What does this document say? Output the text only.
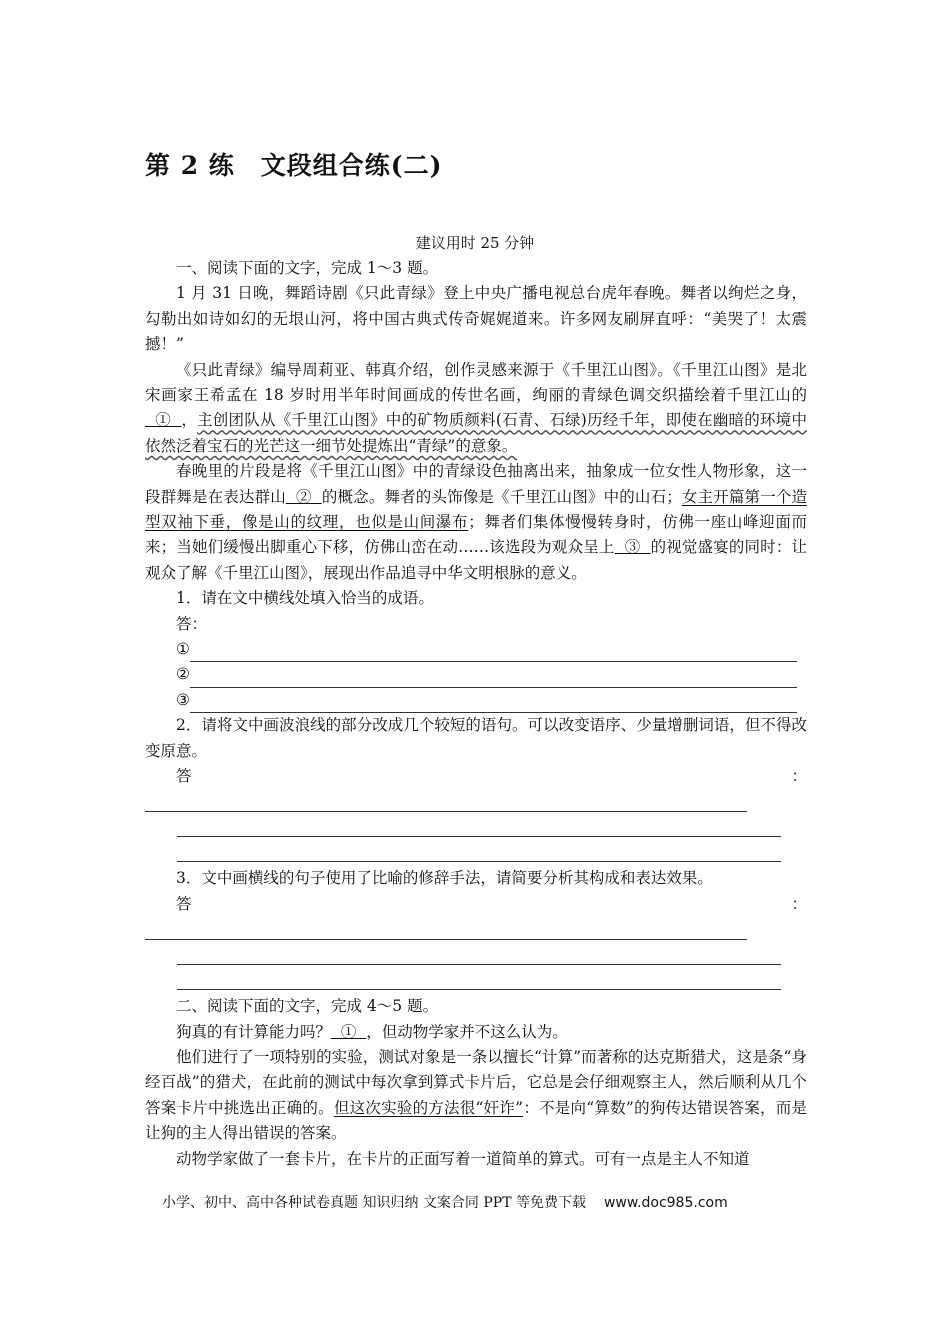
第 2 练　文段组合练(二)
建议用时 25 分钟

一、阅读下面的文字，完成 1～3 题。

1 月 31 日晚，舞蹈诗剧《只此青绿》登上中央广播电视总台虎年春晚。舞者以绚烂之身，勾勒出如诗如幻的无垠山河，将中国古典式传奇娓娓道来。许多网友刷屏直呼：“美哭了！太震撼！”

《只此青绿》编导周莉亚、韩真介绍，创作灵感来源于《千里江山图》。《千里江山图》是北宋画家王希孟在 18 岁时用半年时间画成的传世名画，绚丽的青绿色调交织描绘着千里江山的  ①  ，主创团队从《千里江山图》中的矿物质颜料(石青、石绿)历经千年，即使在幽暗的环境中依然泛着宝石的光芒这一细节处提炼出“青绿”的意象。

春晚里的片段是将《千里江山图》中的青绿设色抽离出来，抽象成一位女性人物形象，这一段群舞是在表达群山  ②  的概念。舞者的头饰像是《千里江山图》中的山石；女主开篇第一个造型双袖下垂，像是山的纹理，也似是山间瀑布；舞者们集体慢慢转身时，仿佛一座山峰迎面而来；当她们缓慢出脚重心下移，仿佛山峦在动……该选段为观众呈上  ③  的视觉盛宴的同时：让观众了解《千里江山图》，展现出作品追寻中华文明根脉的意义。

1．请在文中横线处填入恰当的成语。

答：

①
②
③

2．请将文中画波浪线的部分改成几个较短的语句。可以改变语序、少量增删词语，但不得改变原意。

答	：

3．文中画横线的句子使用了比喻的修辞手法，请简要分析其构成和表达效果。

答	：

二、阅读下面的文字，完成 4～5 题。

狗真的有计算能力吗？  ①  ，但动物学家并不这么认为。

他们进行了一项特别的实验，测试对象是一条以擅长“计算”而著称的达克斯猎犬，这是条“身经百战”的猎犬，在此前的测试中每次拿到算式卡片后，它总是会仔细观察主人，然后顺利从几个答案卡片中挑选出正确的。但这次实验的方法很“奸诈”：不是向“算数”的狗传达错误答案，而是让狗的主人得出错误的答案。

动物学家做了一套卡片，在卡片的正面写着一道简单的算式。可有一点是主人不知道

小学、初中、高中各种试卷真题 知识归纳 文案合同 PPT 等免费下载 www.doc985.com
